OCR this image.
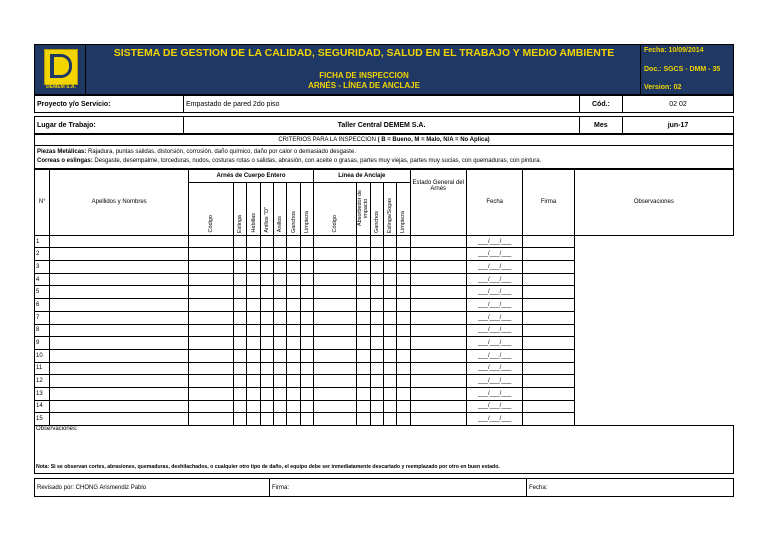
DEMEM S.A.
SISTEMA DE GESTION DE LA CALIDAD, SEGURIDAD, SALUD EN EL TRABAJO Y MEDIO AMBIENTE
FICHA DE INSPECCION
ARNÉS - LÍNEA DE ANCLAJE
Fecha: 10/09/2014
Doc.: SGCS - DMM - 35
Version: 02
Proyecto y/o Servicio:	Empastado de pared 2do piso	Cód.:	02 02
Lugar de Trabajo:	Taller Central DEMEM S.A.	Mes	jun-17
CRITERIOS PARA LA INSPECCION
( B = Bueno, M = Malo, N/A = No Aplica)
Piezas Metálicas: Rajadura, puntas salidas, distorsión, corrosión, daño químico, daño por calor o demasiado desgaste.
Correas o eslingas: Desgaste, desempalme, torceduras, nudos, costuras rotas o salidas, abrasión, con aceite o grasas, partes muy viejas, partes muy sucias, con quemaduras, con pintura.
N°	Apellidos y Nombres	Arnés de Cuerpo Entero							Línea de Anclaje					Estado General del Arnés	Fecha	Firma	Observaciones
		Código	Eslinga	Hebillas	Anillos "D"	Anillos	Ganchos	Limpieza	Código	Absorbedor de impacto	Ganchos	Eslinga/Sogas	Limpieza				
1															___/___/___		
2															___/___/___		
3															___/___/___		
4															___/___/___		
5															___/___/___		
6															___/___/___		
7															___/___/___		
8															___/___/___		
9															___/___/___		
10															___/___/___		
11															___/___/___		
12															___/___/___		
13															___/___/___		
14															___/___/___		
15															___/___/___		
Observaciones:
Nota: Si se observan cortes, abrasiones, quemaduras, deshilachados, o cualquier otro tipo de daño, el equipo debe ser inmediatamente descartado y reemplazado por otro en buen estado.
Revisado por: CHONG Arismendiz Pablo	Firma:	Fecha:
